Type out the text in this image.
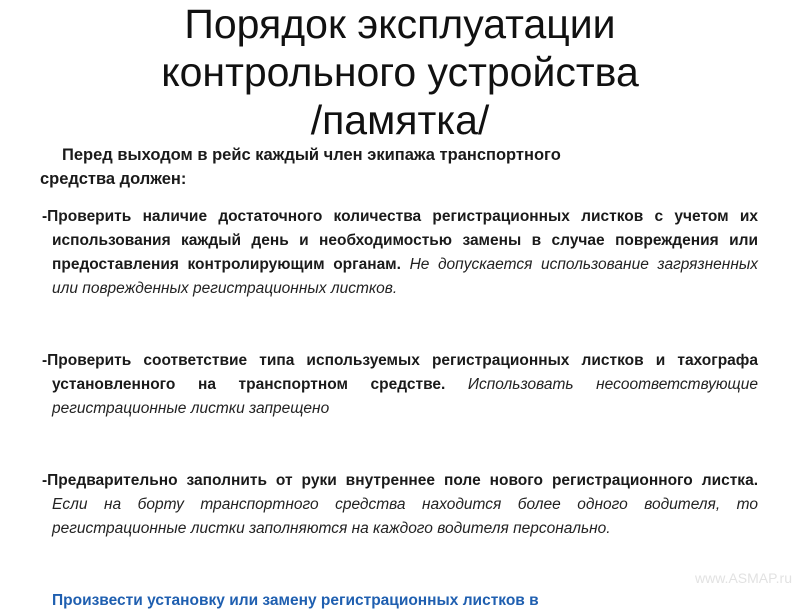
Порядок эксплуатации
контрольного устройства
/памятка/
Перед выходом в рейс каждый член экипажа транспортного
средства должен:
-Проверить наличие достаточного количества регистрационных листков с учетом их использования каждый день и необходимостью замены в случае повреждения или предоставления контролирующим органам. Не допускается использование загрязненных или поврежденных регистрационных листков.
-Проверить соответствие типа используемых регистрационных листков и тахографа установленного на транспортном средстве. Использовать несоответствующие регистрационные листки запрещено
-Предварительно заполнить от руки внутреннее поле нового регистрационного листка. Если на борту транспортного средства находится более одного водителя, то регистрационные листки заполняются на каждого водителя персонально.
Произвести установку или замену регистрационных листков в
www.ASMAP.ru
